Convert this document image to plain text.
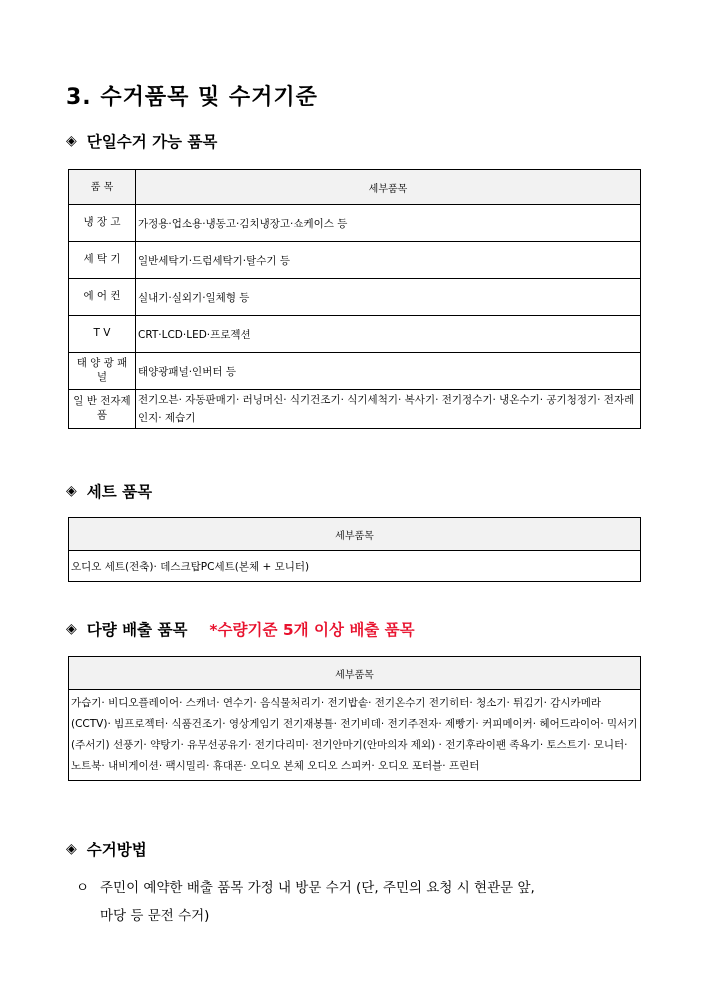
3. 수거품목 및 수거기준
◈ 단일수거 가능 품목
품 목	세부품목
냉 장 고	가정용·업소용·냉동고·김치냉장고·쇼케이스 등
세 탁 기	일반세탁기·드럼세탁기·탈수기 등
에 어 컨	실내기·실외기·일체형 등
T V	CRT·LCD·LED·프로젝션
태 양 광 패 널	태양광패널·인버터 등
일 반 전자제품	전기오븐· 자동판매기· 러닝머신· 식기건조기· 식기세척기· 복사기· 전기정수기· 냉온수기· 공기청정기· 전자레인지· 제습기
◈ 세트 품목
세부품목
오디오 세트(전축)· 데스크탑PC세트(본체 + 모니터)
◈ 다량 배출 품목 *수량기준 5개 이상 배출 품목
세부품목
가습기· 비디오플레이어· 스캐너· 연수기· 음식물처리기· 전기밥솥· 전기온수기 전기히터· 청소기· 튀김기· 감시카메라(CCTV)· 빔프로젝터· 식품건조기· 영상게임기 전기재봉틀· 전기비데· 전기주전자· 제빵기· 커피메이커· 헤어드라이어· 믹서기(주서기) 선풍기· 약탕기· 유무선공유기· 전기다리미· 전기안마기(안마의자 제외) · 전기후라이팬 족욕기· 토스트기· 모니터· 노트북· 내비게이션· 팩시밀리· 휴대폰· 오디오 본체 오디오 스피커· 오디오 포터블· 프린터
◈ 수거방법

ㅇ 주민이 예약한 배출 품목 가정 내 방문 수거 (단, 주민의 요청 시 현관문 앞,
마당 등 문전 수거)
